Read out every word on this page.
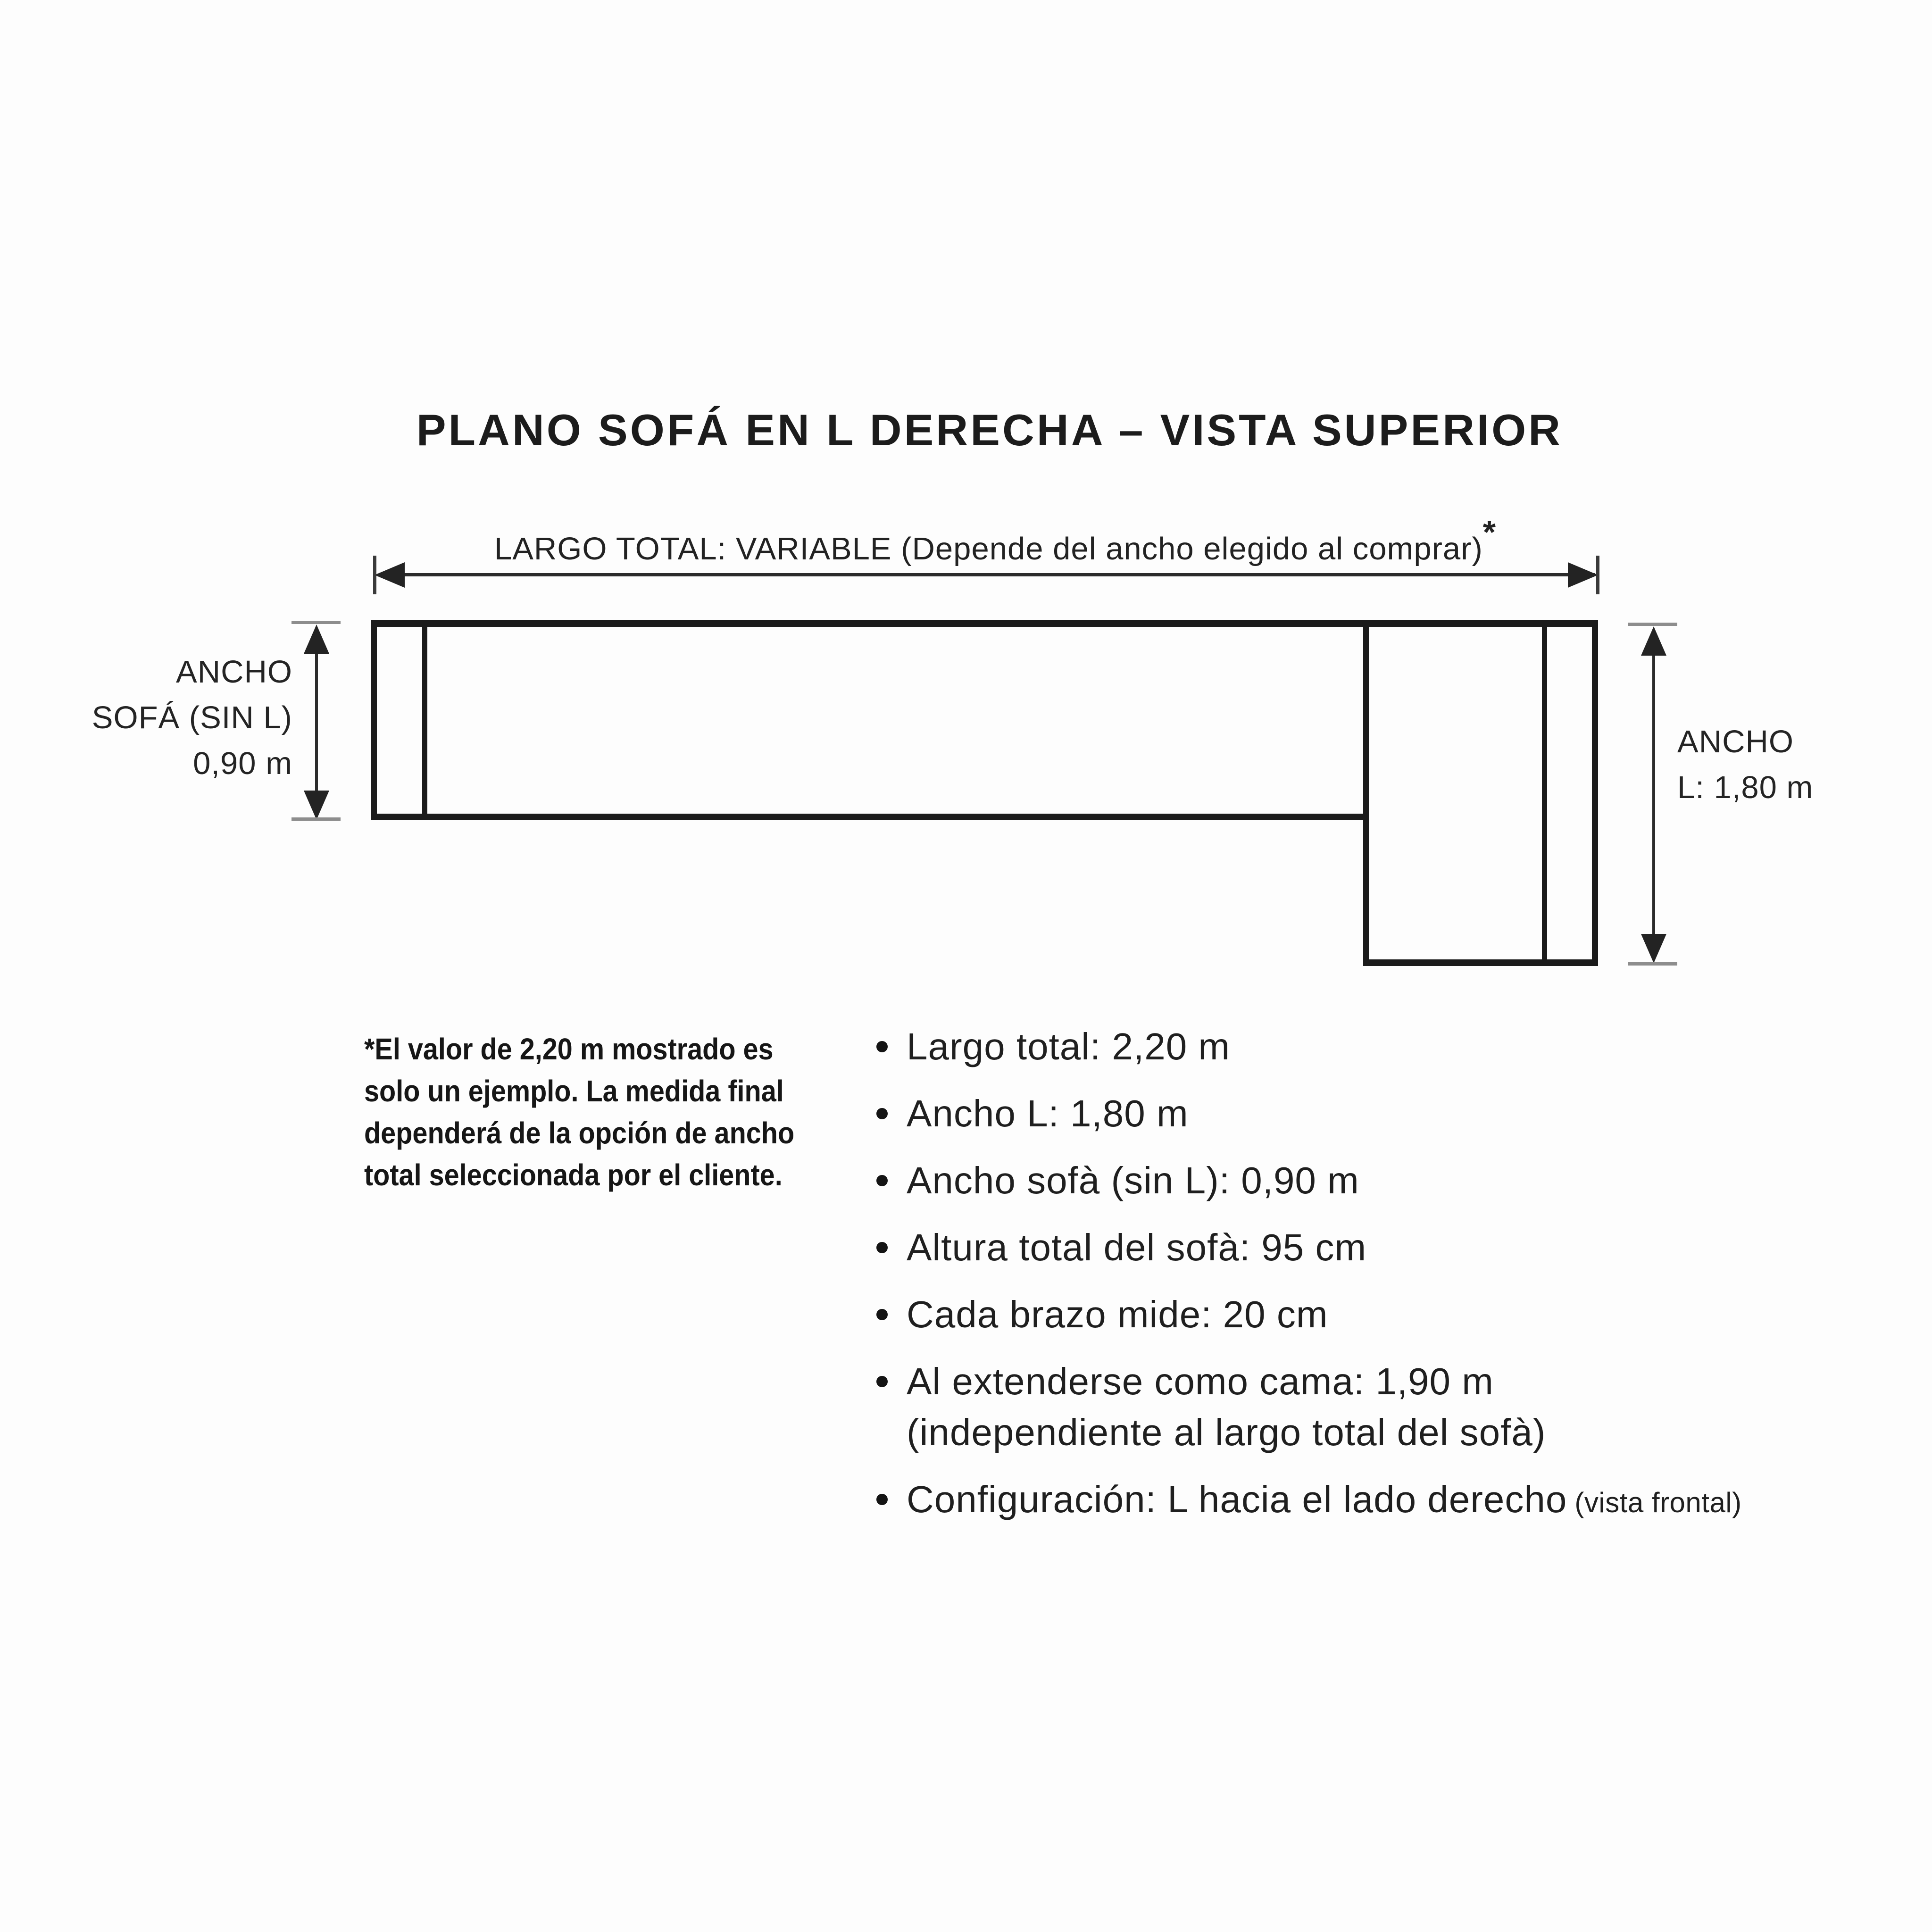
PLANO SOFÁ EN L DERECHA – VISTA SUPERIOR
LARGO TOTAL: VARIABLE (Depende del ancho elegido al comprar)*
ANCHO
SOFÁ (SIN L)
0,90 m
ANCHO
L: 1,80 m
*El valor de 2,20 m mostrado es
solo un ejemplo. La medida final
dependerá de la opción de ancho
total seleccionada por el cliente.
Largo total: 2,20 m
Ancho L: 1,80 m
Ancho sofà (sin L): 0,90 m
Altura total del sofà: 95 cm
Cada brazo mide: 20 cm
Al extenderse como cama: 1,90 m
(independiente al largo total del sofà)
Configuración: L hacia el lado derecho (vista frontal)
